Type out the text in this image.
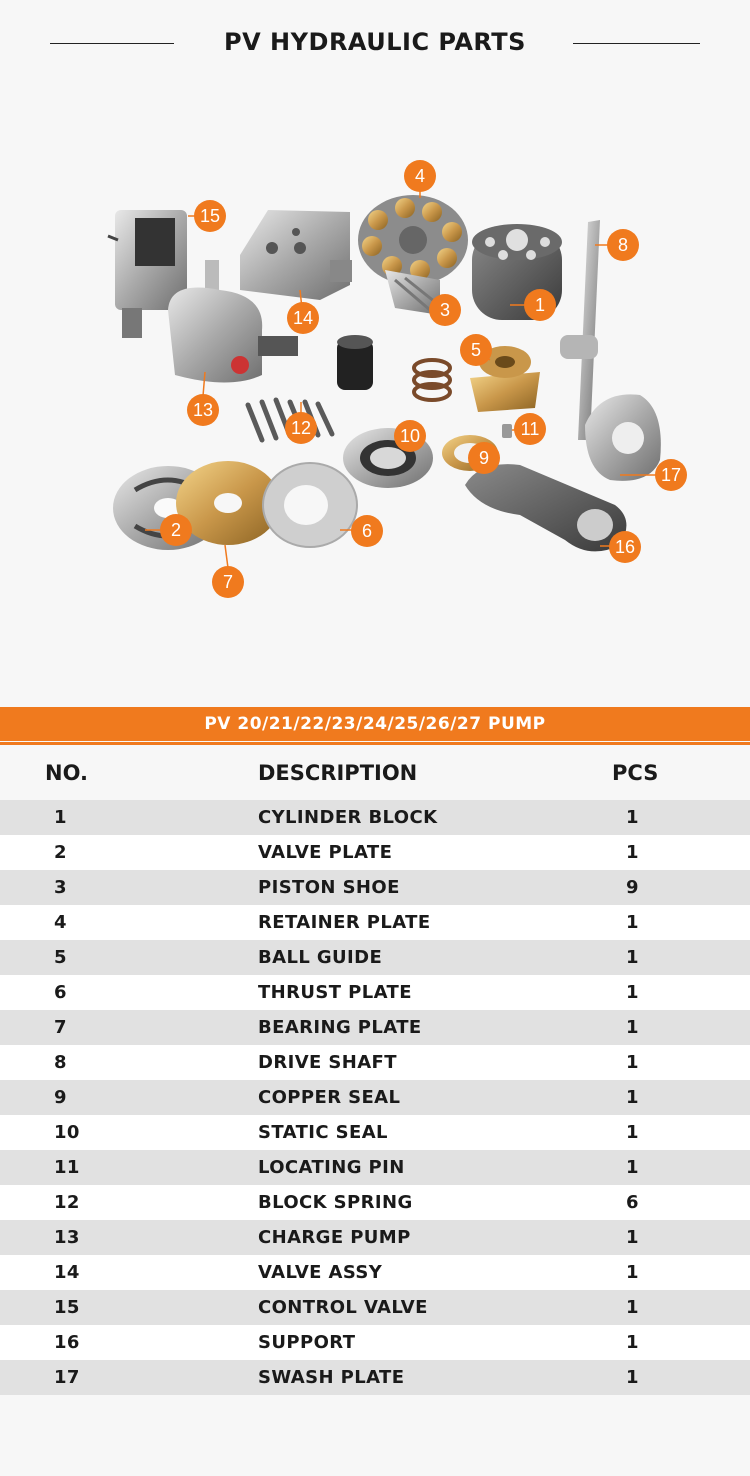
PV HYDRAULIC PARTS
15
14
4
3	1
8
5
13
12	10
9
11
17
16
2
7
6
PV 20/21/22/23/24/25/26/27 PUMP
NO.	DESCRIPTION	PCS
1	CYLINDER BLOCK	1
2	VALVE PLATE	1
3	PISTON SHOE	9
4	RETAINER PLATE	1
5	BALL GUIDE	1
6	THRUST PLATE	1
7	BEARING PLATE	1
8	DRIVE SHAFT	1
9	COPPER SEAL	1
10	STATIC SEAL	1
11	LOCATING PIN	1
12	BLOCK SPRING	6
13	CHARGE PUMP	1
14	VALVE ASSY	1
15	CONTROL VALVE	1
16	SUPPORT	1
17	SWASH PLATE	1
